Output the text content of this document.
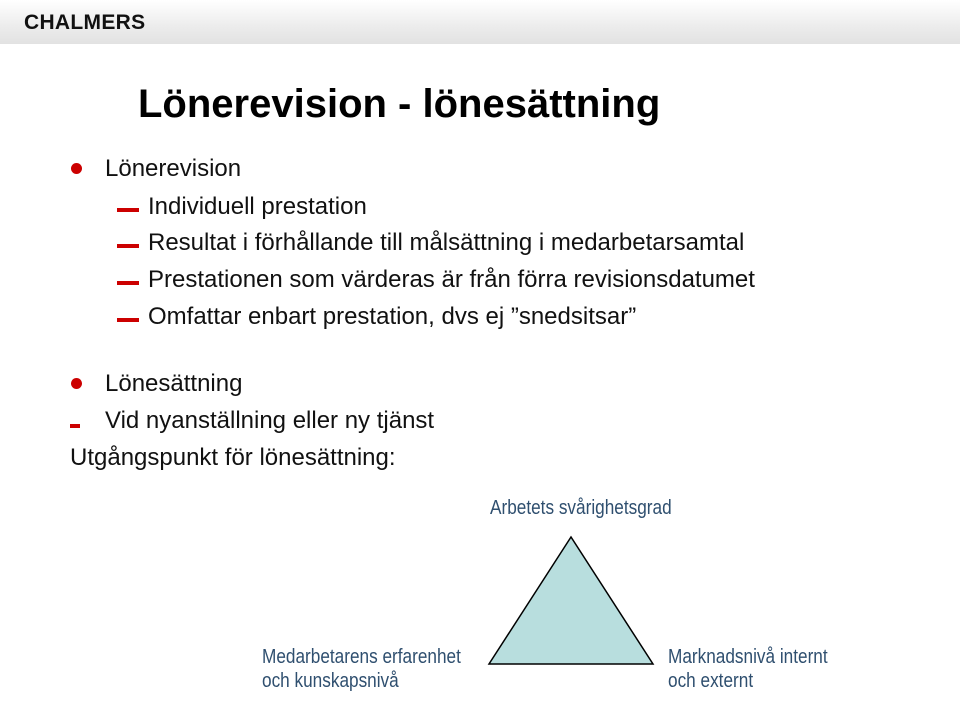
CHALMERS
Lönerevision - lönesättning
Lönerevision
Individuell prestation
Resultat i förhållande till målsättning i medarbetarsamtal
Prestationen som värderas är från förra revisionsdatumet
Omfattar enbart prestation, dvs ej ”snedsitsar”
Lönesättning
Vid nyanställning eller ny tjänst
Utgångspunkt för lönesättning:
Arbetets svårighetsgrad
Medarbetarens erfarenhet
och kunskapsnivå
Marknadsnivå internt
och externt
